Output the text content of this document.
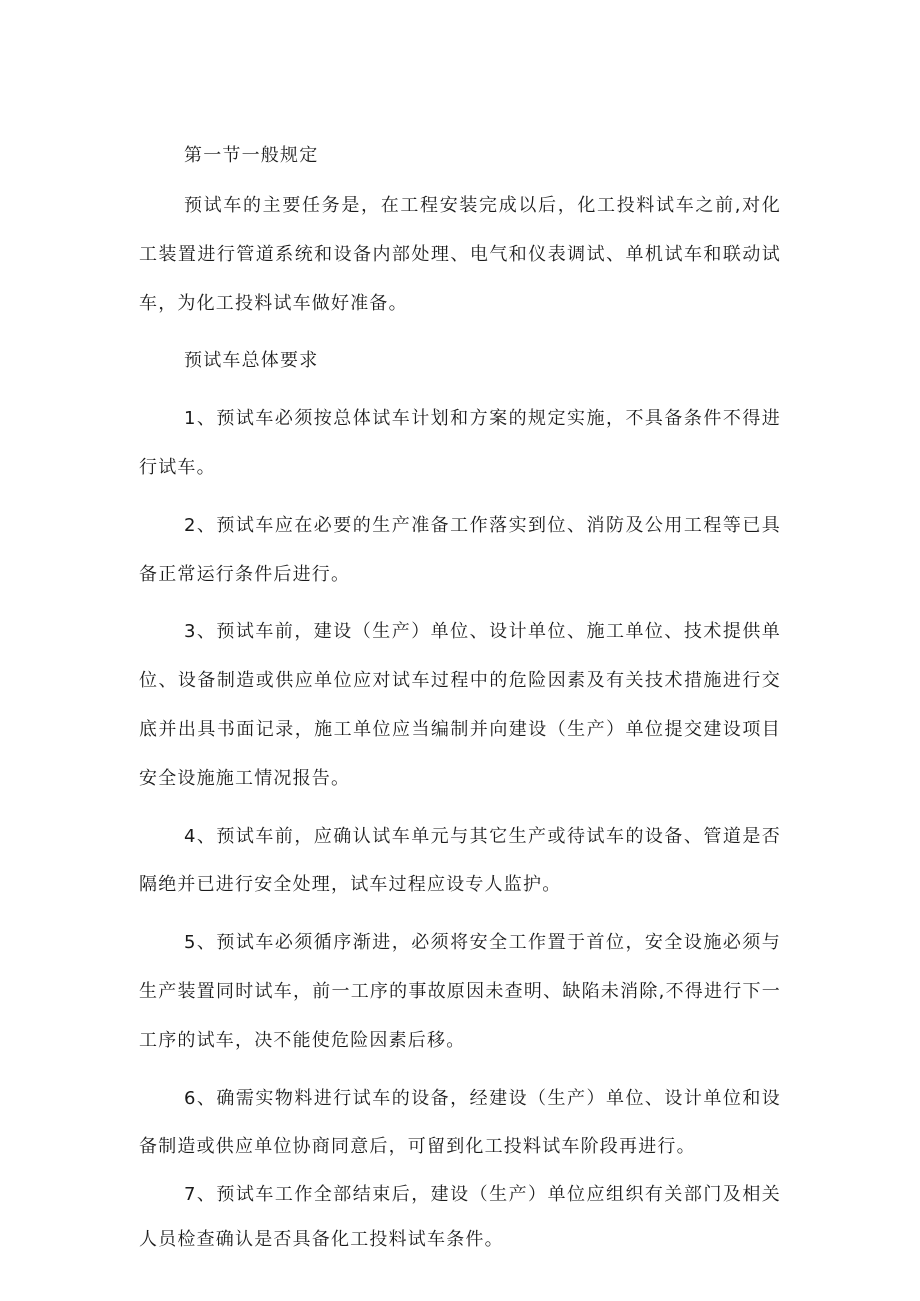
第一节一般规定

预试车的主要任务是，在工程安装完成以后，化工投料试车之前,对化工装置进行管道系统和设备内部处理、电气和仪表调试、单机试车和联动试车，为化工投料试车做好准备。

预试车总体要求

1、预试车必须按总体试车计划和方案的规定实施，不具备条件不得进行试车。

2、预试车应在必要的生产准备工作落实到位、消防及公用工程等已具备正常运行条件后进行。

3、预试车前，建设（生产）单位、设计单位、施工单位、技术提供单位、设备制造或供应单位应对试车过程中的危险因素及有关技术措施进行交底并出具书面记录，施工单位应当编制并向建设（生产）单位提交建设项目安全设施施工情况报告。

4、预试车前，应确认试车单元与其它生产或待试车的设备、管道是否隔绝并已进行安全处理，试车过程应设专人监护。

5、预试车必须循序渐进，必须将安全工作置于首位，安全设施必须与生产装置同时试车，前一工序的事故原因未查明、缺陷未消除,不得进行下一工序的试车，决不能使危险因素后移。

6、确需实物料进行试车的设备，经建设（生产）单位、设计单位和设备制造或供应单位协商同意后，可留到化工投料试车阶段再进行。

7、预试车工作全部结束后，建设（生产）单位应组织有关部门及相关人员检查确认是否具备化工投料试车条件。
